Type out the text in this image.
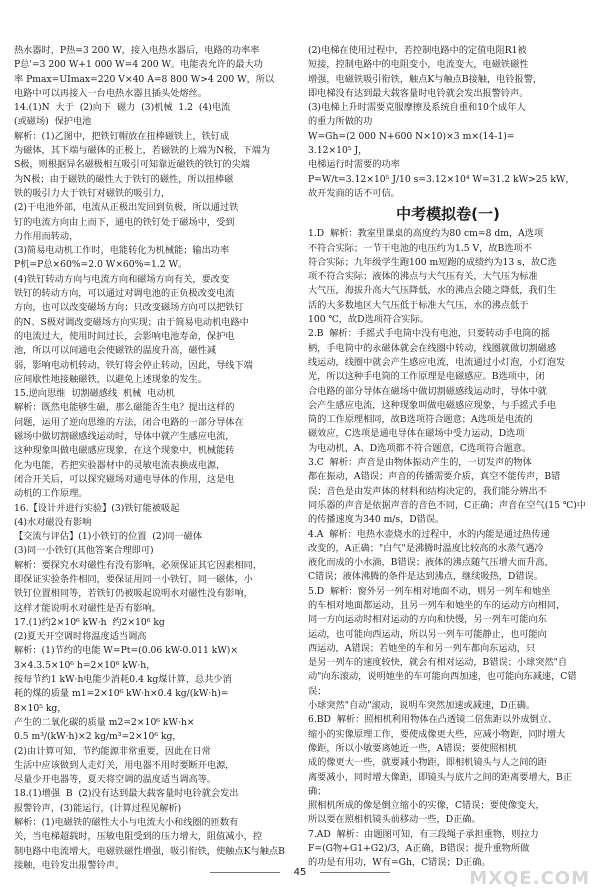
热水器时，P热=3 200 W，接入电热水器后，电路的功率率

P总'=3 200 W+1 000 W=4 200 W。电能表允许的最大功

率 Pmax=UImax=220 V×40 A=8 800 W>4 200 W，所以

电路中可以再接入一台电热水器且插头处熔丝。

14.(1)N  大于  (2)向下  磁力  (3)机械  1.2  (4)电流

(或磁场)  保护电池

解析：(1)乙图中，把铁钉帽放在扭棒磁铁上，铁钉成

为磁体，其下端与磁体的正极上，若磁铁的上端为N极，下端为

S极，则根据异名磁极相互吸引可知靠近磁铁的铁钉的尖端

为N极；由于磁铁的磁性大于铁钉的磁性，所以扭棒磁

铁的吸引力大于铁钉对磁铁的吸引力，

(2)干电池外部，电流从正极出发回到负极，所以通过铁

钉的电流方向由上而下，通电的铁钉处于磁场中，受到

力作用而转动，

(3)简易电动机工作时，电能转化为机械能；输出功率

P机=P总×60%=2.0 W×60%=1.2 W。

(4)铁钉转动方向与电流方向和磁场方向有关，要改变

铁钉的转动方向，可以通过对调电池的正负极改变电流

方向，也可以改变磁场方向；只改变磁场方向可以把铁钉

的N、S极对调改变磁场方向实现；由于简易电动机电路中

的电流过大，使用时间过长，会影响电池寿命，保护电

池，所以可以间通电会使磁铁的温度升高，磁性减

弱，影响电动机转动，铁钉将会停止转动，因此，导线下端

应间歇性地接触磁铁，以避免上述现象的发生。

15.逆向思维  切割磁感线  机械  电动机

解析：既然电能够生磁，那么磁能否生电？提出这样的

问题，运用了逆向思维的方法，闭合电路的一部分导体在

磁场中做切割磁感线运动时，导体中就产生感应电流，

这种现象叫做电磁感应现象，在这个现象中，机械能转

化为电能，若把实验器材中的灵敏电流表换成电源，

闭合开关后，可以探究磁场对通电导体的作用，这是电

动机的工作原理。

16.【设计并进行实验】(3)铁钉能被吸起

(4)水对磁没有影响

【交流与评估】(1)小铁钉的位置  (2)同一磁体

(3)同一小铁钉(其他答案合理即可)

解析：要探究水对磁性有没有影响，必须保证其它因素相同，

即保证实验条件相同，要保证用同一小铁钉，同一磁体，小

铁钉位置相同等，若铁钉仍被吸起说明水对磁性没有影响，

这样才能说明水对磁性是否有影响。

17.(1)约2×10⁶ kW·h  约2×10⁶ kg

(2)夏天开空调时将温度适当调高

解析：(1)节约的电能 W=Pt=(0.06 kW-0.011 kW)×

3×4.3.5×10⁶ h=2×10⁶ kW·h，

按每节约1 kW·h电能少消耗0.4 kg煤计算，总共少消

耗的煤的质量 m1=2×10⁶ kW·h×0.4 kg/(kW·h)=

8×10⁵ kg，

产生的二氧化碳的质量 m2=2×10⁶ kW·h×

0.5 m³/(kW·h)×2 kg/m³=2×10⁶ kg，

(2)由计算可知，节约能源非常重要，因此在日常

生活中应该做到人走灯关，用电器不用时要断开电源，

尽量少开电器等，夏天将空调的温度适当调高等。

18.(1)增强  B  (2)没有达到最大载客量时电铃就会发出

报警铃声，(3)能运行，(计算过程见解析)

解析：(1)电磁铁的磁性大小与电流大小和线圈的匝数有

关，当电梯超载时，压敏电阻受到的压力增大，阻值减小，控

制电路中电流增大，电磁铁磁性增强，吸引衔铁，使触点K与触点B

接触，电铃发出报警铃声。

(2)电梯在使用过程中，若控制电路中的定值电阻R1被

短接，控制电路中的电阻变小，电流变大，电磁铁磁性

增强，电磁铁吸引衔铁，触点K与触点B接触，电铃报警，

即电梯没有达到最大载客量时电铃就会发出报警铃声。

(3)电梯上升时需要克服摩擦及系统自重和10个成年人

的重力所做的功

W=Gh=(2 000 N+600 N×10)×3 m×(14-1)=

3.12×10⁵ J，

电梯运行时需要的功率

P=W/t=3.12×10⁵ J/10 s=3.12×10⁴ W=31.2 kW>25 kW，

故开发商的话不可信。

中考模拟卷(一)

1.D  解析：教室里课桌的高度约为80 cm=8 dm，A选项

不符合实际；一节干电池的电压约为1.5 V，故B选项不

符合实际；九年级学生跑100 m短跑的成绩约为13 s，故C选

项不符合实际；液体的沸点与大气压有关，大气压为标准

大气压，海拔升高大气压降低，水的沸点会随之降低，我们生

活的大多数地区大气压低于标准大气压，水的沸点低于

100 ℃，故D选项符合实际。

2.B  解析：手摇式手电筒中没有电池，只要转动手电筒的摇

柄，手电筒中的永磁体就会在线圈中转动，线圈就做切割磁感

线运动，线圈中就会产生感应电流，电流通过小灯泡，小灯泡发

光，所以这种手电筒的工作原理是电磁感应。B选项中，闭

合电路的部分导体在磁场中做切割磁感线运动时，导体中就

会产生感应电流，这种现象叫做电磁感应现象，与手摇式手电

筒的工作原理相同，故B选项符合题意；A选项是电流的

磁效应，C选项是通电导体在磁场中受力运动，D选项

为电动机，A、D选项都不符合题意，C选项符合题意。

3.C  解析：声音是由物体振动产生的，一切发声的物体

都在振动，A错误；声音的传播需要介质，真空不能传声，B错

误；音色是由发声体的材料和结构决定的，我们能分辨出不

同乐器的声音是依据声音的音色不同，C正确；声音在空气(15 ℃)中

的传播速度为340 m/s，D错误。

4.A  解析：电热水壶烧水的过程中，水的内能是通过热传递

改变的，A正确；"白气"是沸腾时温度比较高的水蒸气遇冷

液化而成的小水滴，B错误；液体的沸点随气压增大而升高，

C错误；液体沸腾的条件是达到沸点，继续吸热，D错误。

5.D  解析：窗外另一列车相对地面不动，则另一列车和她坐

的车相对地面都运动，且另一列车和她坐的车的运动方向相同，

同一方向运动时相对运动的方向和快慢，另一列车可能向东

运动，也可能向西运动，所以另一列车可能静止，也可能向

西运动，A错误；若她坐的车和另一列车都向东运动，只

是另一列车的速度较快，就会有相对运动，B错误；小球突然"自

动"向东滚动，说明她坐的车可能向西加速，也可能向东减速，C错误；

小球突然"自动"滚动，说明车突然加速或减速，D正确。

6.BD  解析：照相机利用物体在凸透镜二倍焦距以外成倒立、

缩小的实像原理工作，要使成像更大些，应减小物距，同时增大

像距，所以小敏要离她近一些，A错误；要使照相机

成的像更大一些，就要减小物距，即相机镜头与人之间的距

离要减小，同时增大像距，即镜头与底片之间的距离要增大，B正确；

照相机所成的像是倒立缩小的实像，C错误；要使像变大，

所以要在照相机镜头前移动一些，D正确。

7.AD  解析：由题图可知，有三段绳子承担重物，则拉力

F=(G物+G1+G2)/3，A正确，B错误；提升重物所做

的功是有用功，W有=Gh，C错误；D正确。

45	MXQE.COM
